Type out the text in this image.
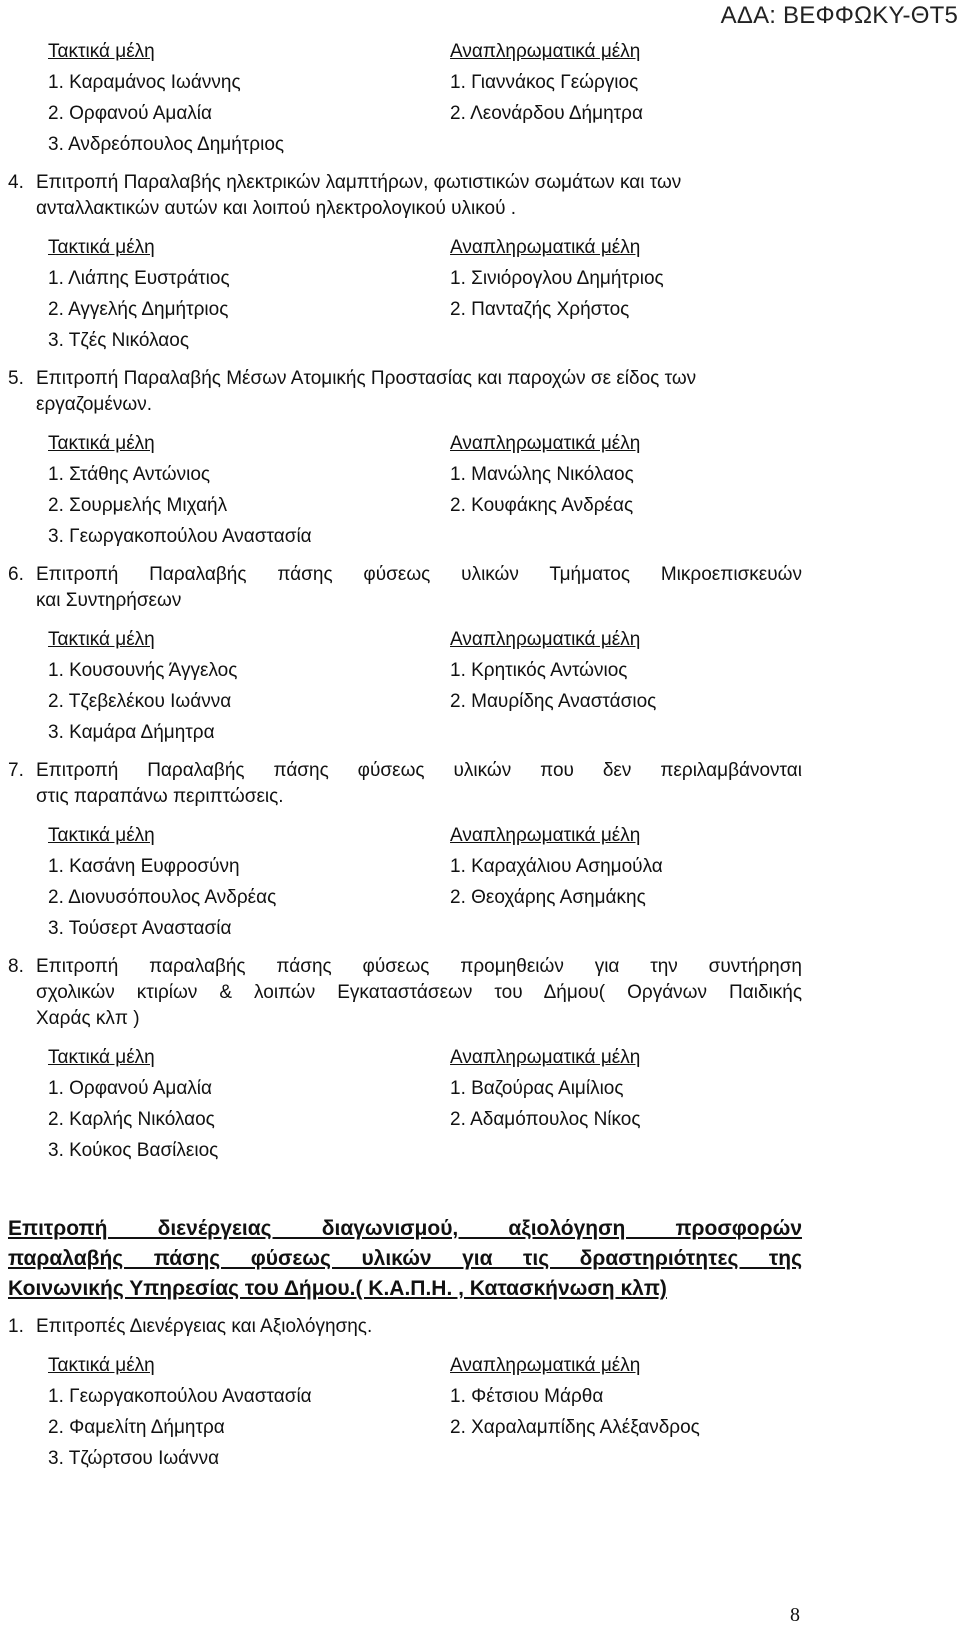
ΑΔΑ: ΒΕΦΦΩΚΥ-ΘΤ5
Τακτικά μέλη	Αναπληρωματικά μέλη
1. Καραμάνος Ιωάννης	1. Γιαννάκος Γεώργιος
2. Ορφανού Αμαλία	2. Λεονάρδου Δήμητρα
3. Ανδρεόπουλος Δημήτριος
4. Επιτροπή Παραλαβής ηλεκτρικών λαμπτήρων, φωτιστικών σωμάτων και των
ανταλλακτικών αυτών και λοιπού ηλεκτρολογικού υλικού .
Τακτικά μέλη	Αναπληρωματικά μέλη
1. Λιάπης Ευστράτιος	1. Σινιόρογλου Δημήτριος
2. Αγγελής Δημήτριος	2. Πανταζής Χρήστος
3. Τζές Νικόλαος
5. Επιτροπή Παραλαβής Μέσων Ατομικής Προστασίας και παροχών σε είδος των
εργαζομένων.
Τακτικά μέλη	Αναπληρωματικά μέλη
1. Στάθης Αντώνιος	1. Μανώλης Νικόλαος
2. Σουρμελής Μιχαήλ	2. Κουφάκης Ανδρέας
3. Γεωργακοπούλου Αναστασία
6. Επιτροπή Παραλαβής πάσης φύσεως υλικών Τμήματος Μικροεπισκευών
και Συντηρήσεων
Τακτικά μέλη	Αναπληρωματικά μέλη
1. Κουσουνής Άγγελος	1. Κρητικός Αντώνιος
2. Τζεβελέκου Ιωάννα	2. Μαυρίδης Αναστάσιος
3. Καμάρα Δήμητρα
7. Επιτροπή Παραλαβής πάσης φύσεως υλικών που δεν περιλαμβάνονται
στις παραπάνω περιπτώσεις.
Τακτικά μέλη	Αναπληρωματικά μέλη
1. Κασάνη Ευφροσύνη	1. Καραχάλιου Ασημούλα
2. Διονυσόπουλος Ανδρέας	2. Θεοχάρης Ασημάκης
3. Τούσερτ Αναστασία
8. Επιτροπή παραλαβής πάσης φύσεως προμηθειών για την συντήρηση
σχολικών κτιρίων & λοιπών Εγκαταστάσεων του Δήμου( Οργάνων Παιδικής
Χαράς κλπ )
Τακτικά μέλη	Αναπληρωματικά μέλη
1. Ορφανού Αμαλία	1. Βαζούρας Αιμίλιος
2. Καρλής Νικόλαος	2. Αδαμόπουλος Νίκος
3. Κούκος Βασίλειος
Επιτροπή διενέργειας διαγωνισμού, αξιολόγηση προσφορών
παραλαβής πάσης φύσεως υλικών για τις δραστηριότητες της
Κοινωνικής Υπηρεσίας του Δήμου.( Κ.Α.Π.Η. , Κατασκήνωση κλπ)
1. Επιτροπές Διενέργειας και Αξιολόγησης.
Τακτικά μέλη	Αναπληρωματικά μέλη
1. Γεωργακοπούλου Αναστασία	1. Φέτσιου Μάρθα
2. Φαμελίτη Δήμητρα	2. Χαραλαμπίδης Αλέξανδρος
3. Τζώρτσου Ιωάννα
8
